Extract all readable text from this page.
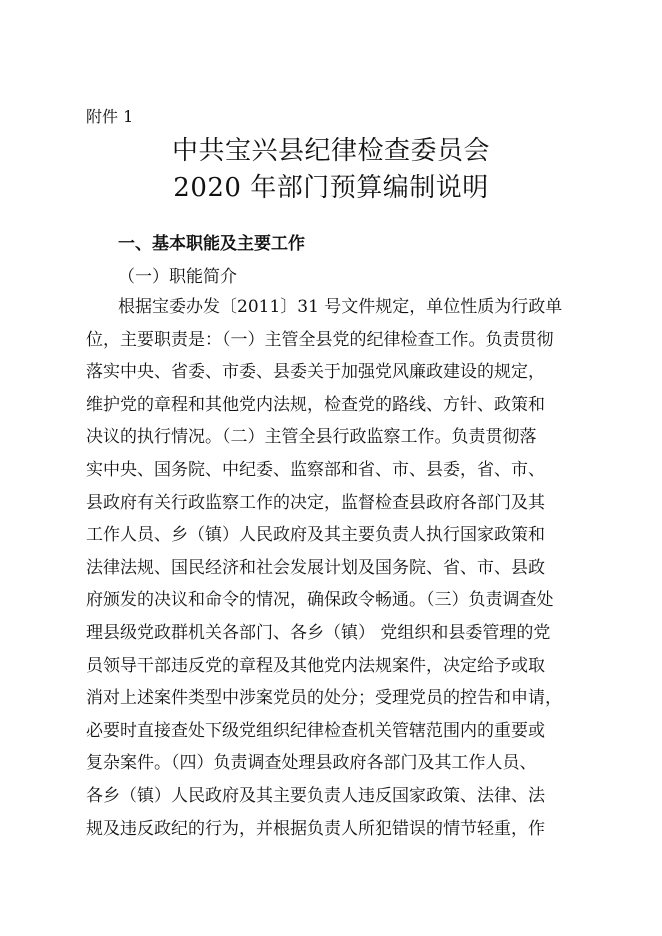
附件 1
中共宝兴县纪律检查委员会
2020 年部门预算编制说明
一、基本职能及主要工作
（一）职能简介
根据宝委办发〔2011〕31 号文件规定，单位性质为行政单
位，主要职责是：（一）主管全县党的纪律检查工作。负责贯彻
落实中央、省委、市委、县委关于加强党风廉政建设的规定，
维护党的章程和其他党内法规，检查党的路线、方针、政策和
决议的执行情况。（二）主管全县行政监察工作。负责贯彻落
实中央、国务院、中纪委、监察部和省、市、县委，省、市、
县政府有关行政监察工作的决定，监督检查县政府各部门及其
工作人员、乡（镇）人民政府及其主要负责人执行国家政策和
法律法规、国民经济和社会发展计划及国务院、省、市、县政
府颁发的决议和命令的情况，确保政令畅通。（三）负责调查处
理县级党政群机关各部门、各乡（镇） 党组织和县委管理的党
员领导干部违反党的章程及其他党内法规案件，决定给予或取
消对上述案件类型中涉案党员的处分；受理党员的控告和申请，
必要时直接查处下级党组织纪律检查机关管辖范围内的重要或
复杂案件。（四）负责调查处理县政府各部门及其工作人员、
各乡（镇）人民政府及其主要负责人违反国家政策、法律、法
规及违反政纪的行为，并根据负责人所犯错误的情节轻重，作
